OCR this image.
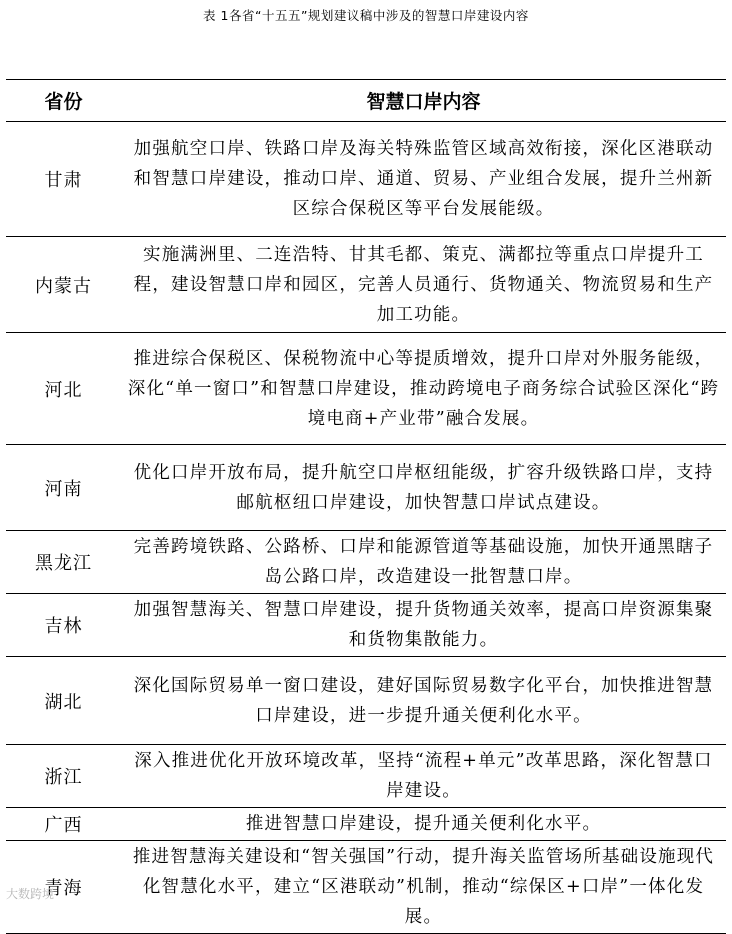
表 1各省“十五五”规划建议稿中涉及的智慧口岸建设内容
省份	智慧口岸内容
甘肃	加强航空口岸、铁路口岸及海关特殊监管区域高效衔接，深化区港联动和智慧口岸建设，推动口岸、通道、贸易、产业组合发展，提升兰州新区综合保税区等平台发展能级。
内蒙古	实施满洲里、二连浩特、甘其毛都、策克、满都拉等重点口岸提升工程，建设智慧口岸和园区，完善人员通行、货物通关、物流贸易和生产加工功能。
河北	推进综合保税区、保税物流中心等提质增效，提升口岸对外服务能级，深化“单一窗口”和智慧口岸建设，推动跨境电子商务综合试验区深化“跨境电商+产业带”融合发展。
河南	优化口岸开放布局，提升航空口岸枢纽能级，扩容升级铁路口岸，支持邮航枢纽口岸建设，加快智慧口岸试点建设。
黑龙江	完善跨境铁路、公路桥、口岸和能源管道等基础设施，加快开通黑瞎子岛公路口岸，改造建设一批智慧口岸。
吉林	加强智慧海关、智慧口岸建设，提升货物通关效率，提高口岸资源集聚和货物集散能力。
湖北	深化国际贸易单一窗口建设，建好国际贸易数字化平台，加快推进智慧口岸建设，进一步提升通关便利化水平。
浙江	深入推进优化开放环境改革，坚持“流程+单元”改革思路，深化智慧口岸建设。
广西	推进智慧口岸建设，提升通关便利化水平。
青海	推进智慧海关建设和“智关强国”行动，提升海关监管场所基础设施现代化智慧化水平，建立“区港联动”机制，推动“综保区+口岸”一体化发展。
大数跨境
